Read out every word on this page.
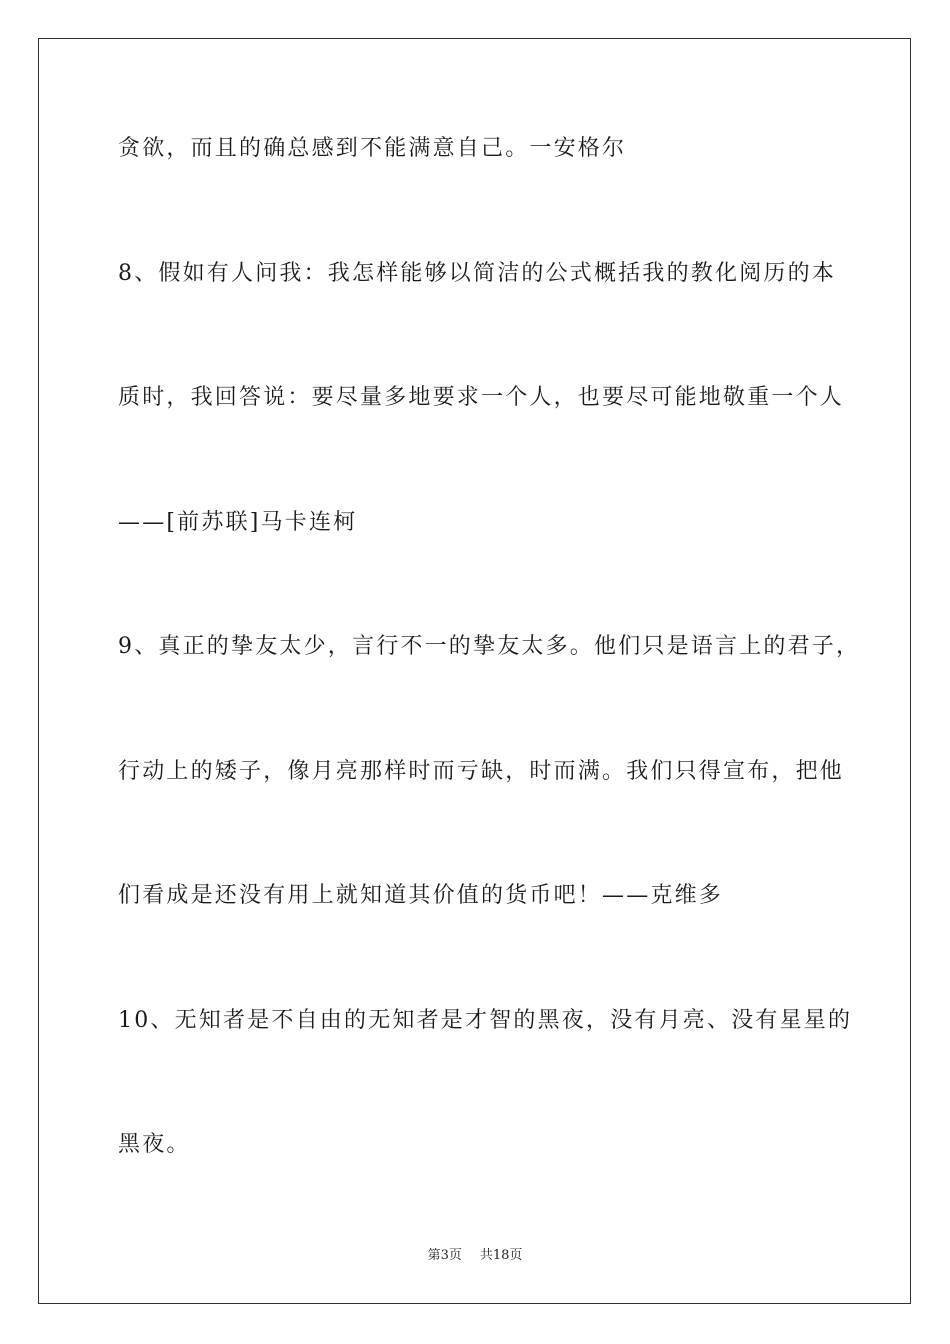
贪欲，而且的确总感到不能满意自己。一安格尔
8、假如有人问我：我怎样能够以简洁的公式概括我的教化阅历的本
质时，我回答说：要尽量多地要求一个人，也要尽可能地敬重一个人
——[前苏联]马卡连柯
9、真正的挚友太少，言行不一的挚友太多。他们只是语言上的君子，
行动上的矮子，像月亮那样时而亏缺，时而满。我们只得宣布，把他
们看成是还没有用上就知道其价值的货币吧！——克维多
10、无知者是不自由的无知者是才智的黑夜，没有月亮、没有星星的
黑夜。
第3页 共18页
